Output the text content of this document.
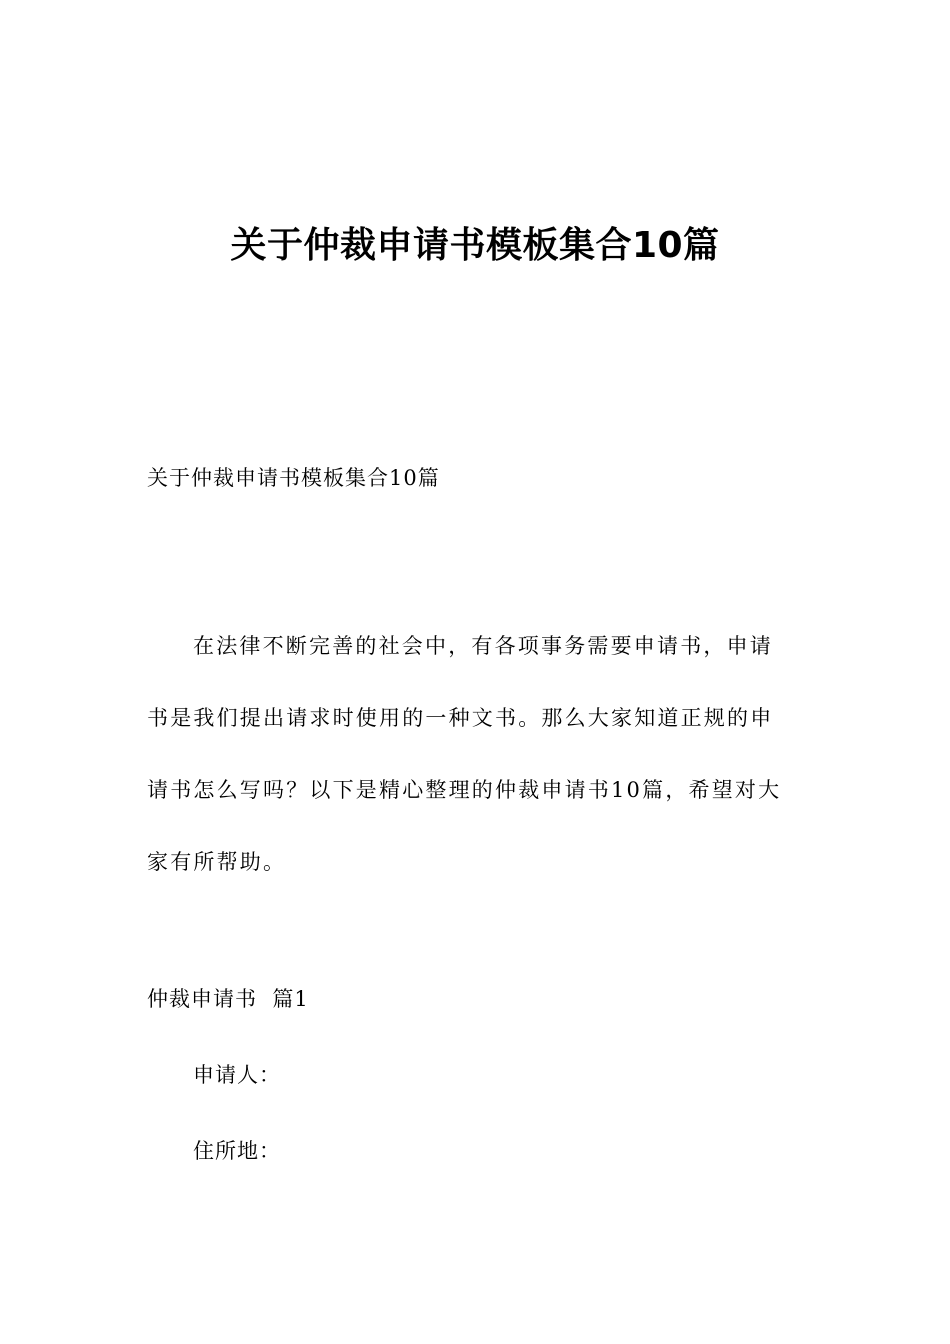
关于仲裁申请书模板集合10篇
关于仲裁申请书模板集合10篇
在法律不断完善的社会中，有各项事务需要申请书，申请
书是我们提出请求时使用的一种文书。那么大家知道正规的申
请书怎么写吗？以下是精心整理的仲裁申请书10篇，希望对大
家有所帮助。
仲裁申请书  篇1
申请人：
住所地：
